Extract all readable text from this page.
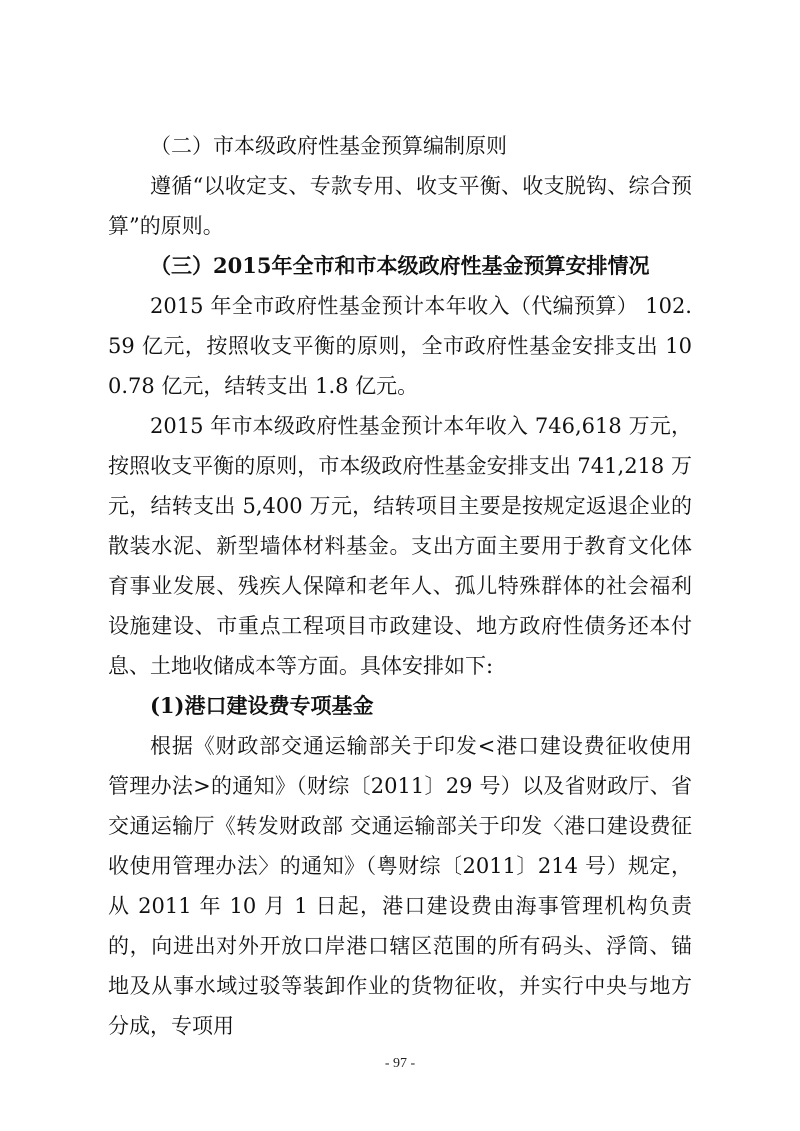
（二）市本级政府性基金预算编制原则

遵循“以收定支、专款专用、收支平衡、收支脱钩、综合预算”的原则。

（三）2015年全市和市本级政府性基金预算安排情况

2015 年全市政府性基金预计本年收入（代编预算） 102.59 亿元，按照收支平衡的原则，全市政府性基金安排支出 100.78 亿元，结转支出 1.8 亿元。

2015 年市本级政府性基金预计本年收入 746,618 万元，按照收支平衡的原则，市本级政府性基金安排支出 741,218 万元，结转支出 5,400 万元，结转项目主要是按规定返退企业的散装水泥、新型墙体材料基金。支出方面主要用于教育文化体育事业发展、残疾人保障和老年人、孤儿特殊群体的社会福利设施建设、市重点工程项目市政建设、地方政府性债务还本付息、土地收储成本等方面。具体安排如下:

(1)港口建设费专项基金

根据《财政部交通运输部关于印发<港口建设费征收使用管理办法>的通知》（财综〔2011〕29 号）以及省财政厅、省交通运输厅《转发财政部 交通运输部关于印发〈港口建设费征收使用管理办法〉的通知》（粤财综〔2011〕214 号）规定，从 2011 年 10 月 1 日起，港口建设费由海事管理机构负责的，向进出对外开放口岸港口辖区范围的所有码头、浮筒、锚地及从事水域过驳等装卸作业的货物征收，并实行中央与地方分成，专项用

- 97 -
